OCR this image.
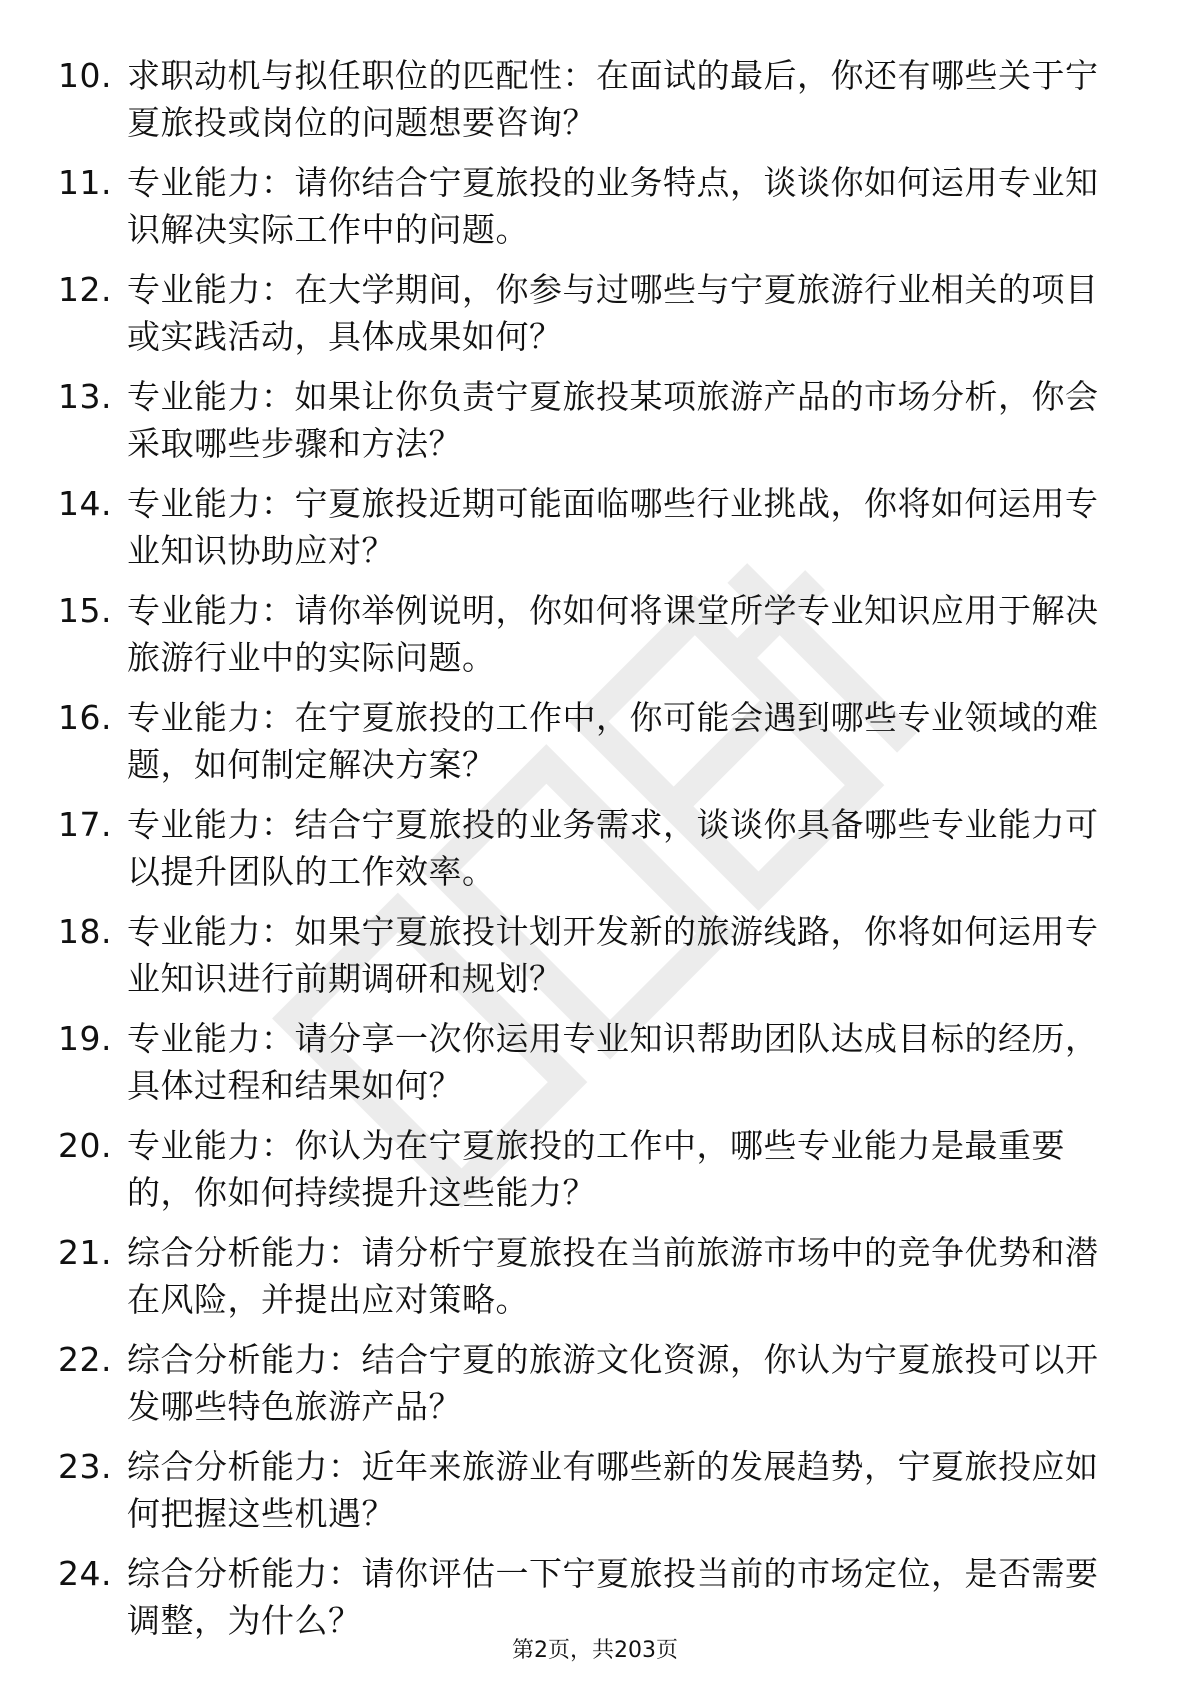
10. 求职动机与拟任职位的匹配性：在面试的最后，你还有哪些关于宁夏旅投或岗位的问题想要咨询？
11. 专业能力：请你结合宁夏旅投的业务特点，谈谈你如何运用专业知识解决实际工作中的问题。
12. 专业能力：在大学期间，你参与过哪些与宁夏旅游行业相关的项目或实践活动，具体成果如何？
13. 专业能力：如果让你负责宁夏旅投某项旅游产品的市场分析，你会采取哪些步骤和方法？
14. 专业能力：宁夏旅投近期可能面临哪些行业挑战，你将如何运用专业知识协助应对？
15. 专业能力：请你举例说明，你如何将课堂所学专业知识应用于解决旅游行业中的实际问题。
16. 专业能力：在宁夏旅投的工作中，你可能会遇到哪些专业领域的难题，如何制定解决方案？
17. 专业能力：结合宁夏旅投的业务需求，谈谈你具备哪些专业能力可以提升团队的工作效率。
18. 专业能力：如果宁夏旅投计划开发新的旅游线路，你将如何运用专业知识进行前期调研和规划？
19. 专业能力：请分享一次你运用专业知识帮助团队达成目标的经历，具体过程和结果如何？
20. 专业能力：你认为在宁夏旅投的工作中，哪些专业能力是最重要的，你如何持续提升这些能力？
21. 综合分析能力：请分析宁夏旅投在当前旅游市场中的竞争优势和潜在风险，并提出应对策略。
22. 综合分析能力：结合宁夏的旅游文化资源，你认为宁夏旅投可以开发哪些特色旅游产品？
23. 综合分析能力：近年来旅游业有哪些新的发展趋势，宁夏旅投应如何把握这些机遇？
24. 综合分析能力：请你评估一下宁夏旅投当前的市场定位，是否需要调整，为什么？
第2页，共203页
